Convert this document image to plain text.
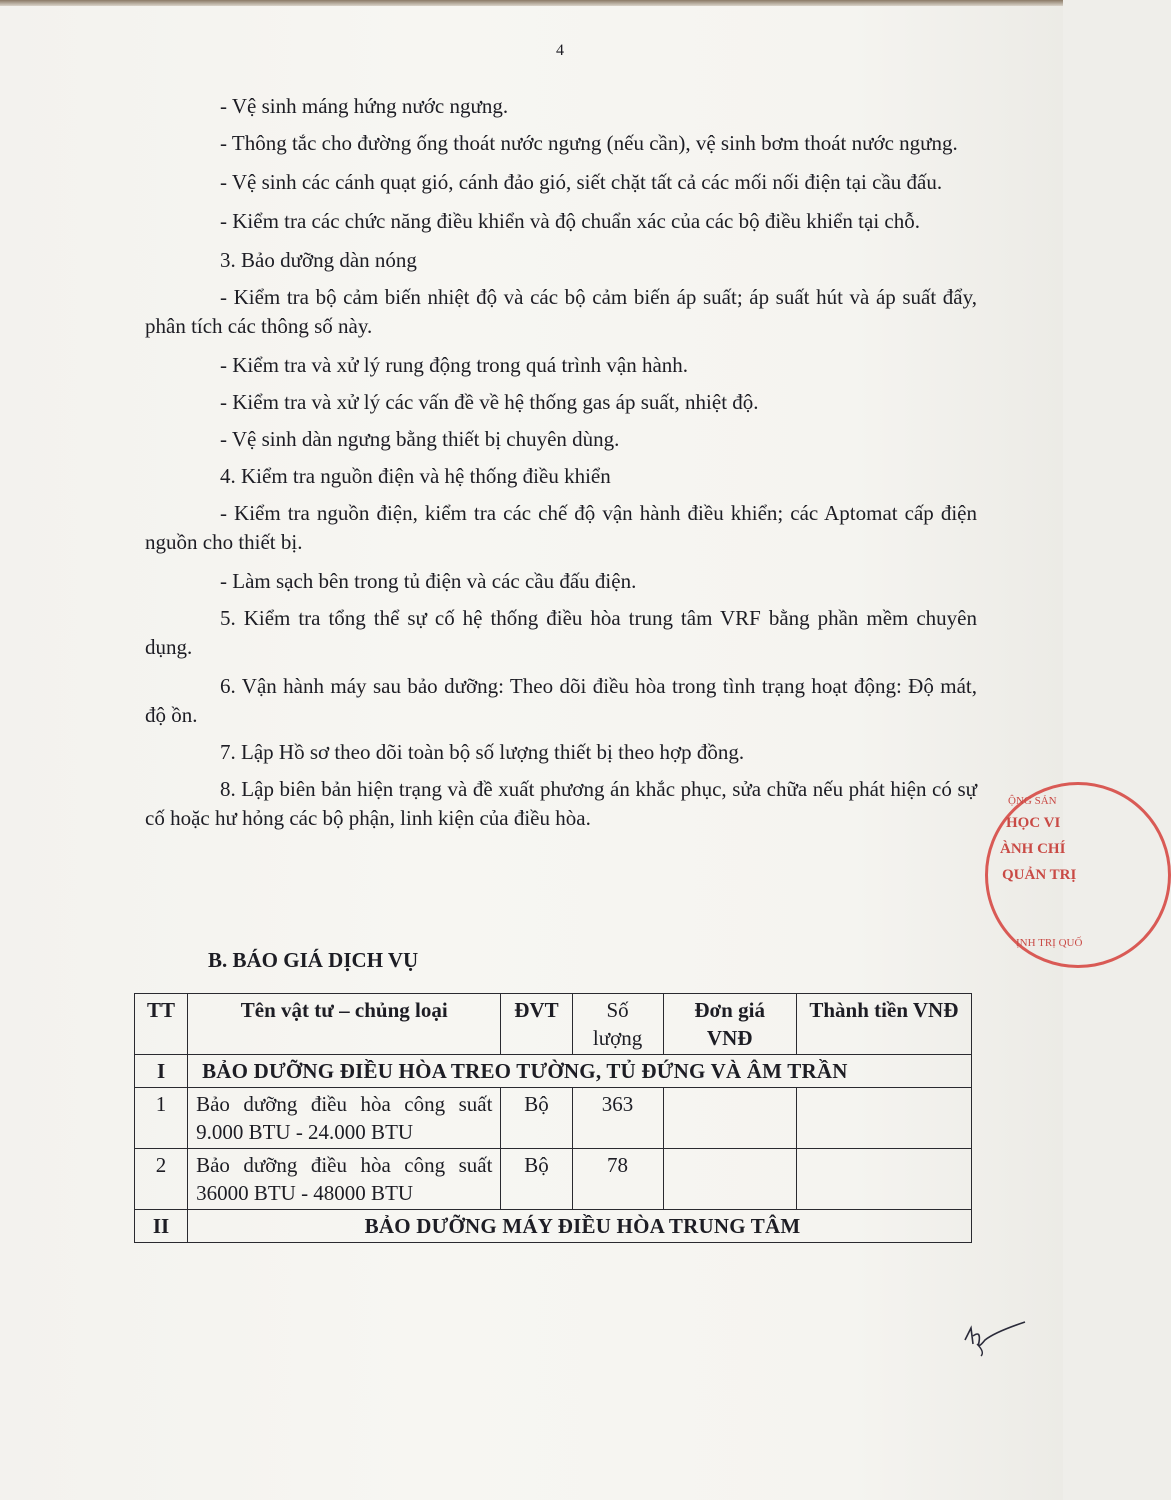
4

- Vệ sinh máng hứng nước ngưng.

- Thông tắc cho đường ống thoát nước ngưng (nếu cần), vệ sinh bơm thoát nước ngưng.

- Vệ sinh các cánh quạt gió, cánh đảo gió, siết chặt tất cả các mối nối điện tại cầu đấu.

- Kiểm tra các chức năng điều khiển và độ chuẩn xác của các bộ điều khiển tại chỗ.

3. Bảo dưỡng dàn nóng

- Kiểm tra bộ cảm biến nhiệt độ và các bộ cảm biến áp suất; áp suất hút và áp suất đẩy, phân tích các thông số này.

- Kiểm tra và xử lý rung động trong quá trình vận hành.

- Kiểm tra và xử lý các vấn đề về hệ thống gas áp suất, nhiệt độ.

- Vệ sinh dàn ngưng bằng thiết bị chuyên dùng.

4. Kiểm tra nguồn điện và hệ thống điều khiển

- Kiểm tra nguồn điện, kiểm tra các chế độ vận hành điều khiển; các Aptomat cấp điện nguồn cho thiết bị.

- Làm sạch bên trong tủ điện và các cầu đấu điện.

5. Kiểm tra tổng thể sự cố hệ thống điều hòa trung tâm VRF bằng phần mềm chuyên dụng.

6. Vận hành máy sau bảo dưỡng: Theo dõi điều hòa trong tình trạng hoạt động: Độ mát, độ ồn.

7. Lập Hồ sơ theo dõi toàn bộ số lượng thiết bị theo hợp đồng.

8. Lập biên bản hiện trạng và đề xuất phương án khắc phục, sửa chữa nếu phát hiện có sự cố hoặc hư hỏng các bộ phận, linh kiện của điều hòa.

B. BÁO GIÁ DỊCH VỤ
TT	Tên vật tư – chủng loại	ĐVT	Số lượng	Đơn giá VNĐ	Thành tiền VNĐ
I	BẢO DƯỠNG ĐIỀU HÒA TREO TƯỜNG, TỦ ĐỨNG VÀ ÂM TRẦN				
1	Bảo dưỡng điều hòa công suất 9.000 BTU - 24.000 BTU	Bộ	363		
2	Bảo dưỡng điều hòa công suất 36000 BTU - 48000 BTU	Bộ	78		
II	BẢO DƯỠNG MÁY ĐIỀU HÒA TRUNG TÂM				
ỘNG SẢN
HỌC VI
ÀNH CHÍ
QUẢN TRỊ
ỊNH TRỊ QUỐ
